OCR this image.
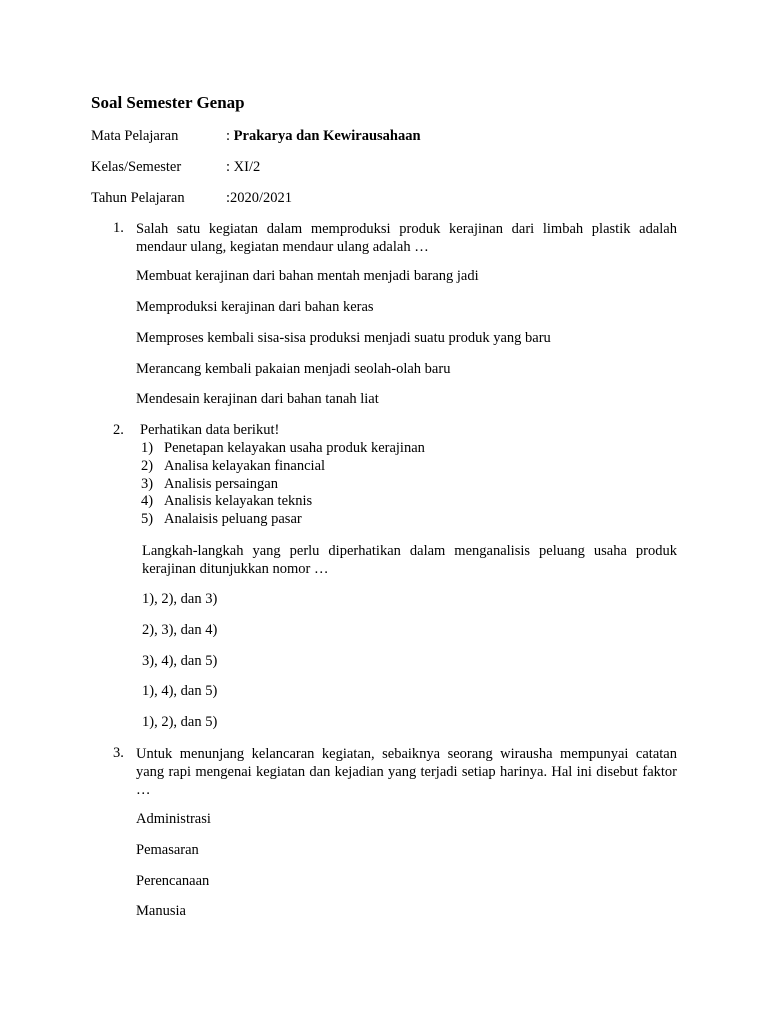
Soal Semester Genap
Mata Pelajaran	: Prakarya dan Kewirausahaan
Kelas/Semester	: XI/2
Tahun Pelajaran	:2020/2021
1. Salah satu kegiatan dalam memproduksi produk kerajinan dari limbah plastik adalah mendaur ulang, kegiatan mendaur ulang adalah …
Membuat kerajinan dari bahan mentah menjadi barang jadi
Memproduksi kerajinan dari bahan keras
Memproses kembali sisa-sisa produksi menjadi suatu produk yang baru
Merancang kembali pakaian menjadi seolah-olah baru
Mendesain kerajinan dari bahan tanah liat
2. Perhatikan data berikut!
1) Penetapan kelayakan usaha produk kerajinan
2) Analisa kelayakan financial
3) Analisis persaingan
4) Analisis kelayakan teknis
5) Analaisis peluang pasar
Langkah-langkah yang perlu diperhatikan dalam menganalisis peluang usaha produk kerajinan ditunjukkan nomor …
1), 2), dan 3)
2), 3), dan 4)
3), 4), dan 5)
1), 4), dan 5)
1), 2), dan 5)
3. Untuk menunjang kelancaran kegiatan, sebaiknya seorang wirausha mempunyai catatan yang rapi mengenai kegiatan dan kejadian yang terjadi setiap harinya. Hal ini disebut faktor …
Administrasi
Pemasaran
Perencanaan
Manusia
